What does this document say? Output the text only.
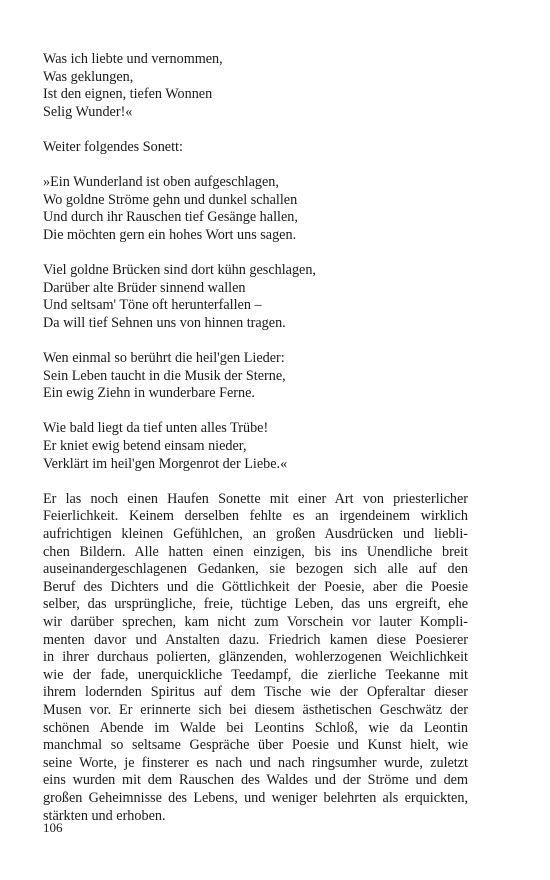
Was ich liebte und vernommen,
Was geklungen,
Ist den eignen, tiefen Wonnen
Selig Wunder!«
Weiter folgendes Sonett:
»Ein Wunderland ist oben aufgeschlagen,
Wo goldne Ströme gehn und dunkel schallen
Und durch ihr Rauschen tief Gesänge hallen,
Die möchten gern ein hohes Wort uns sagen.
Viel goldne Brücken sind dort kühn geschlagen,
Darüber alte Brüder sinnend wallen
Und seltsam' Töne oft herunterfallen –
Da will tief Sehnen uns von hinnen tragen.
Wen einmal so berührt die heil'gen Lieder:
Sein Leben taucht in die Musik der Sterne,
Ein ewig Ziehn in wunderbare Ferne.
Wie bald liegt da tief unten alles Trübe!
Er kniet ewig betend einsam nieder,
Verklärt im heil'gen Morgenrot der Liebe.«
Er las noch einen Haufen Sonette mit einer Art von priesterlicher
Feierlichkeit. Keinem derselben fehlte es an irgendeinem wirklich
aufrichtigen kleinen Gefühlchen, an großen Ausdrücken und liebli-
chen Bildern. Alle hatten einen einzigen, bis ins Unendliche breit
auseinandergeschlagenen Gedanken, sie bezogen sich alle auf den
Beruf des Dichters und die Göttlichkeit der Poesie, aber die Poesie
selber, das ursprüngliche, freie, tüchtige Leben, das uns ergreift, ehe
wir darüber sprechen, kam nicht zum Vorschein vor lauter Kompli-
menten davor und Anstalten dazu. Friedrich kamen diese Poesierer
in ihrer durchaus polierten, glänzenden, wohlerzogenen Weichlichkeit
wie der fade, unerquickliche Teedampf, die zierliche Teekanne mit
ihrem lodernden Spiritus auf dem Tische wie der Opferaltar dieser
Musen vor. Er erinnerte sich bei diesem ästhetischen Geschwätz der
schönen Abende im Walde bei Leontins Schloß, wie da Leontin
manchmal so seltsame Gespräche über Poesie und Kunst hielt, wie
seine Worte, je finsterer es nach und nach ringsumher wurde, zuletzt
eins wurden mit dem Rauschen des Waldes und der Ströme und dem
großen Geheimnisse des Lebens, und weniger belehrten als erquickten,
stärkten und erhoben.
106
